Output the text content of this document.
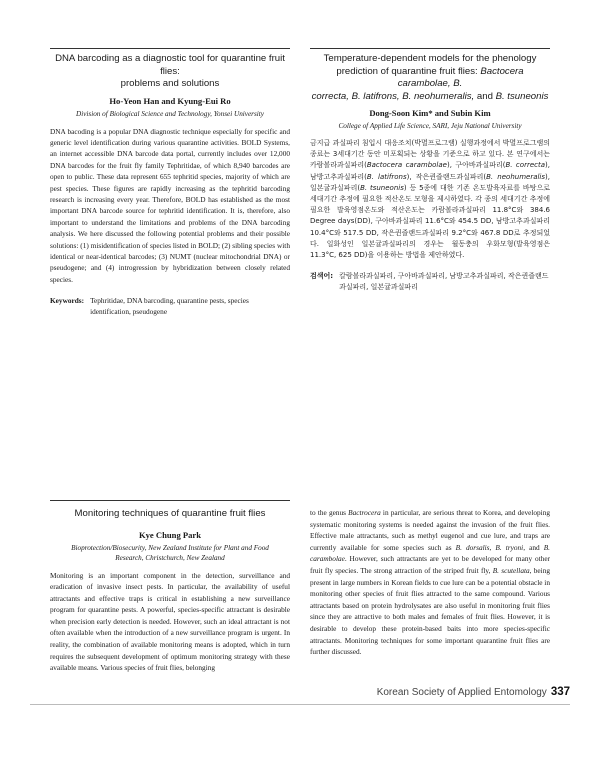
DNA barcoding as a diagnostic tool for quarantine fruit flies:
problems and solutions

Ho-Yeon Han and Kyung-Eui Ro

Division of Biological Science and Technology, Yonsei University

DNA bacoding is a popular DNA diagnostic technique especially for specific and generic level identification during various quarantine activities. BOLD Systems, an internet accessible DNA barcode data portal, currently includes over 12,000 DNA barcodes for the fruit fly family Tephritidae, of which 8,940 barcodes are open to public. These data represent 655 tephritid species, majority of which are pest species. These figures are rapidly increasing as the tephritid barcoding research is increasing every year. Therefore, BOLD has established as the most important DNA barcode source for tephritid identification. It is, therefore, also important to understand the limitations and problems of the DNA barcoding analysis. We here discussed the following potential problems and their possible solutions: (1) misidentification of species listed in BOLD; (2) sibling species with identical or near-identical barcodes; (3) NUMT (nuclear mitochondrial DNA) or pseudogene; and (4) introgression by hybridization between closely related species.

Keywords: Tephritidae, DNA barcoding, quarantine pests, species identification, pseudogene

Temperature-dependent models for the phenology
prediction of quarantine fruit flies: Bactocera carambolae, B.
correcta, B. latifrons, B. neohumeralis, and B. tsuneonis

Dong-Soon Kim* and Subin Kim

College of Applied Life Science, SARI, Jeju National University

금지급 과실파리 침입시 대응조치(박멸프로그램) 실행과정에서 박멸프로그램의 종료는 3세대기간 동안 미포획되는 상황을 기준으로 하고 있다. 본 연구에서는 카람볼라과실파리(Bactocera carambolae), 구아바과실파리(B. correcta), 남방고추과실파리(B. latifrons), 작은퀸즐랜드과실파리(B. neohumeralis), 일본귤과실파리(B. tsuneonis) 등 5종에 대한 기존 온도발육자료를 바탕으로 세대기간 추정에 필요한 적산온도 모형을 제시하였다. 각 종의 세대기간 추정에 필요한 발육영점온도와 적산온도는 카람볼라과실파리 11.8°C와 384.6 Degree days(DD), 구아바과실파리 11.6°C와 454.5 DD, 남방고추과실파리 10.4°C와 517.5 DD, 작은퀸즐랜드과실파리 9.2°C와 467.8 DD로 추정되었다. 일화성인 일본귤과실파리의 경우는 월동충의 우화모형(발육영점은 11.3°C, 625 DD)을 이용하는 방법을 제안하였다.

검색어: 칼람볼라과실파리, 구아바과실파리, 남방고추과실파리, 작은퀸즐랜드과실파리, 일본귤과실파리

Monitoring techniques of quarantine fruit flies

Kye Chung Park

Bioprotection/Biosecurity, New Zealand Institute for Plant and Food
Research, Christchurch, New Zealand

Monitoring is an important component in the detection, surveillance and eradication of invasive insect pests. In particular, the availability of useful attractants and effective traps is critical in establishing a new surveillance program for quarantine pests. A powerful, species-specific attractant is desirable when precision early detection is needed. However, such an ideal attractant is not often available when the introduction of a new surveillance program is urgent. In reality, the combination of available monitoring means is adopted, which in turn requires the subsequent development of optimum monitoring strategy with these available means. Various species of fruit flies, belonging

to the genus Bactrocera in particular, are serious threat to Korea, and developing systematic monitoring systems is needed against the invasion of the fruit flies. Effective male attractants, such as methyl eugenol and cue lure, and traps are currently available for some species such as B. dorsalis, B. tryoni, and B. carambolae. However, such attractants are yet to be developed for many other fruit fly species. The strong attraction of the striped fruit fly, B. scutellata, being present in large numbers in Korean fields to cue lure can be a potential obstacle in monitoring other species of fruit flies attracted to the same compound. Various attractants based on protein hydrolysates are also useful in monitoring fruit flies since they are attractive to both males and females of fruit flies. However, it is desirable to develop these protein-based baits into more species-specific attractants. Monitoring techniques for some important quarantine fruit flies are further discussed.

Korean Society of Applied Entomology 337
